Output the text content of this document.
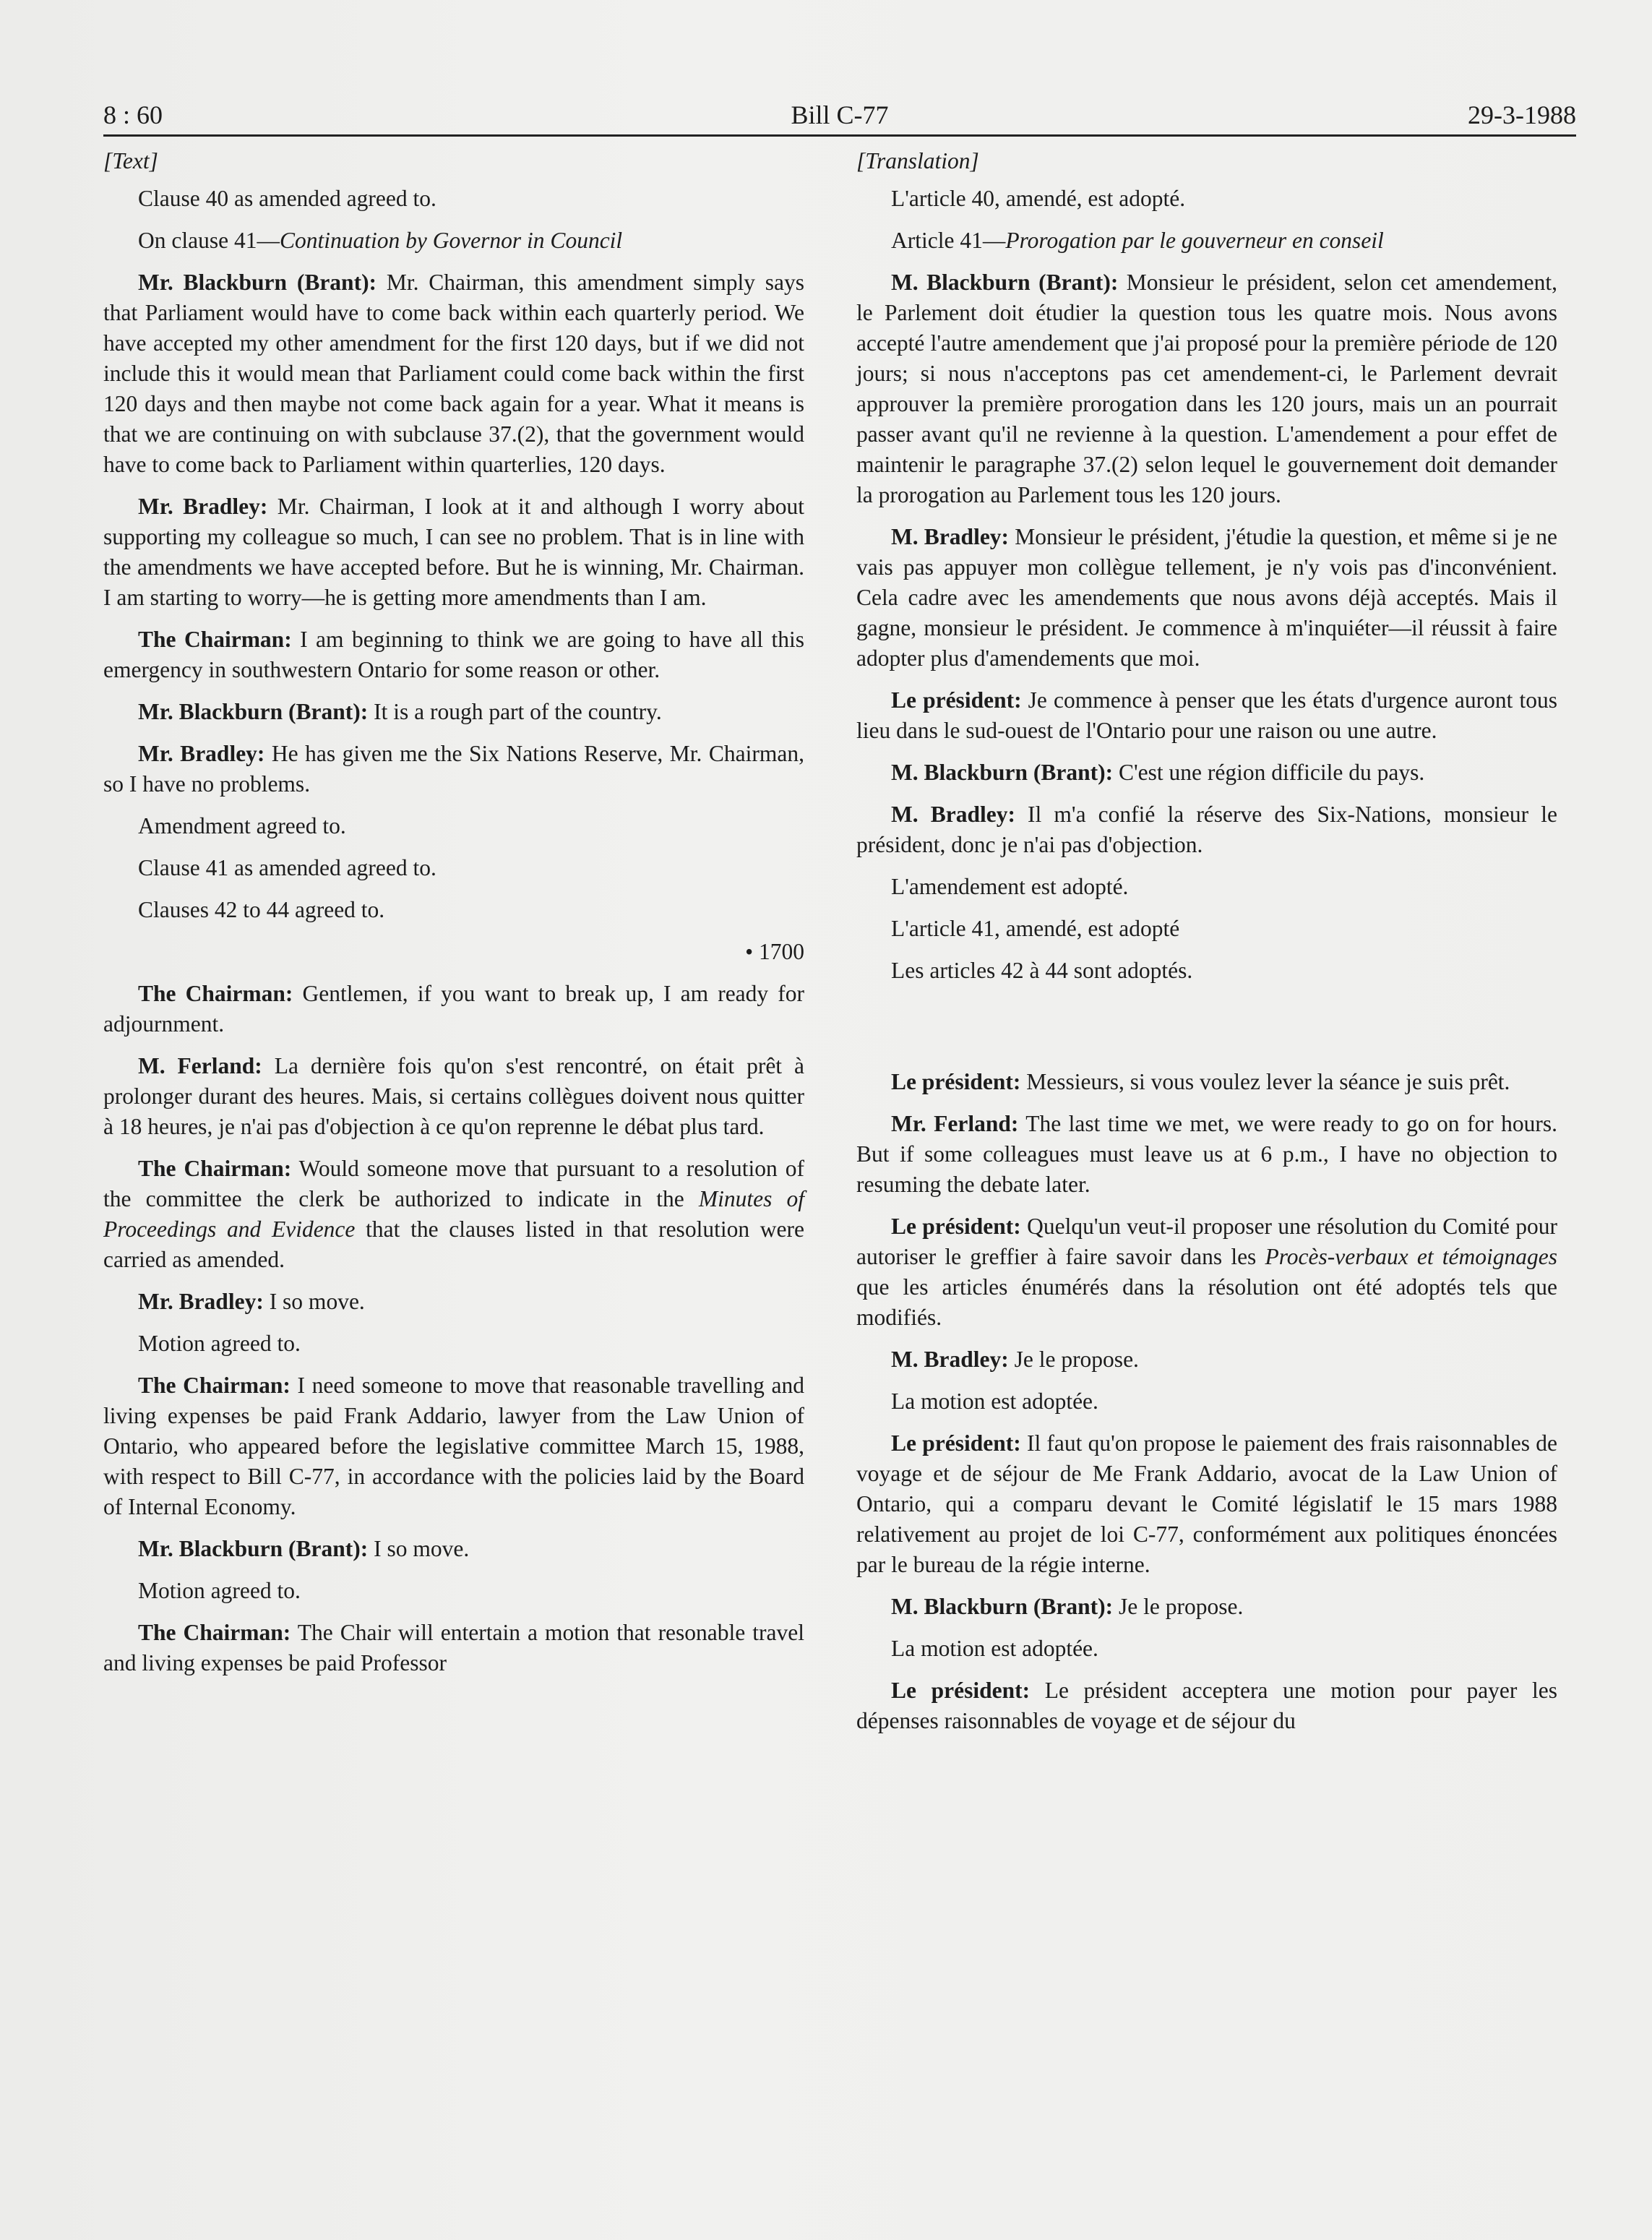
8 : 60	Bill C-77	29-3-1988

[Text]

Clause 40 as amended agreed to.

On clause 41—Continuation by Governor in Council

Mr. Blackburn (Brant): Mr. Chairman, this amendment simply says that Parliament would have to come back within each quarterly period. We have accepted my other amendment for the first 120 days, but if we did not include this it would mean that Parliament could come back within the first 120 days and then maybe not come back again for a year. What it means is that we are continuing on with subclause 37.(2), that the government would have to come back to Parliament within quarterlies, 120 days.

Mr. Bradley: Mr. Chairman, I look at it and although I worry about supporting my colleague so much, I can see no problem. That is in line with the amendments we have accepted before. But he is winning, Mr. Chairman. I am starting to worry—he is getting more amendments than I am.

The Chairman: I am beginning to think we are going to have all this emergency in southwestern Ontario for some reason or other.

Mr. Blackburn (Brant): It is a rough part of the country.

Mr. Bradley: He has given me the Six Nations Reserve, Mr. Chairman, so I have no problems.

Amendment agreed to.

Clause 41 as amended agreed to.

Clauses 42 to 44 agreed to.

• 1700

The Chairman: Gentlemen, if you want to break up, I am ready for adjournment.

M. Ferland: La dernière fois qu'on s'est rencontré, on était prêt à prolonger durant des heures. Mais, si certains collègues doivent nous quitter à 18 heures, je n'ai pas d'objection à ce qu'on reprenne le débat plus tard.

The Chairman: Would someone move that pursuant to a resolution of the committee the clerk be authorized to indicate in the Minutes of Proceedings and Evidence that the clauses listed in that resolution were carried as amended.

Mr. Bradley: I so move.

Motion agreed to.

The Chairman: I need someone to move that reasonable travelling and living expenses be paid Frank Addario, lawyer from the Law Union of Ontario, who appeared before the legislative committee March 15, 1988, with respect to Bill C-77, in accordance with the policies laid by the Board of Internal Economy.

Mr. Blackburn (Brant): I so move.

Motion agreed to.

The Chairman: The Chair will entertain a motion that resonable travel and living expenses be paid Professor

[Translation]

L'article 40, amendé, est adopté.

Article 41—Prorogation par le gouverneur en conseil

M. Blackburn (Brant): Monsieur le président, selon cet amendement, le Parlement doit étudier la question tous les quatre mois. Nous avons accepté l'autre amendement que j'ai proposé pour la première période de 120 jours; si nous n'acceptons pas cet amendement-ci, le Parlement devrait approuver la première prorogation dans les 120 jours, mais un an pourrait passer avant qu'il ne revienne à la question. L'amendement a pour effet de maintenir le paragraphe 37.(2) selon lequel le gouvernement doit demander la prorogation au Parlement tous les 120 jours.

M. Bradley: Monsieur le président, j'étudie la question, et même si je ne vais pas appuyer mon collègue tellement, je n'y vois pas d'inconvénient. Cela cadre avec les amendements que nous avons déjà acceptés. Mais il gagne, monsieur le président. Je commence à m'inquiéter—il réussit à faire adopter plus d'amendements que moi.

Le président: Je commence à penser que les états d'urgence auront tous lieu dans le sud-ouest de l'Ontario pour une raison ou une autre.

M. Blackburn (Brant): C'est une région difficile du pays.

M. Bradley: Il m'a confié la réserve des Six-Nations, monsieur le président, donc je n'ai pas d'objection.

L'amendement est adopté.

L'article 41, amendé, est adopté

Les articles 42 à 44 sont adoptés.

Le président: Messieurs, si vous voulez lever la séance je suis prêt.

Mr. Ferland: The last time we met, we were ready to go on for hours. But if some colleagues must leave us at 6 p.m., I have no objection to resuming the debate later.

Le président: Quelqu'un veut-il proposer une résolution du Comité pour autoriser le greffier à faire savoir dans les Procès-verbaux et témoignages que les articles énumérés dans la résolution ont été adoptés tels que modifiés.

M. Bradley: Je le propose.

La motion est adoptée.

Le président: Il faut qu'on propose le paiement des frais raisonnables de voyage et de séjour de Me Frank Addario, avocat de la Law Union of Ontario, qui a comparu devant le Comité législatif le 15 mars 1988 relativement au projet de loi C-77, conformément aux politiques énoncées par le bureau de la régie interne.

M. Blackburn (Brant): Je le propose.

La motion est adoptée.

Le président: Le président acceptera une motion pour payer les dépenses raisonnables de voyage et de séjour du
